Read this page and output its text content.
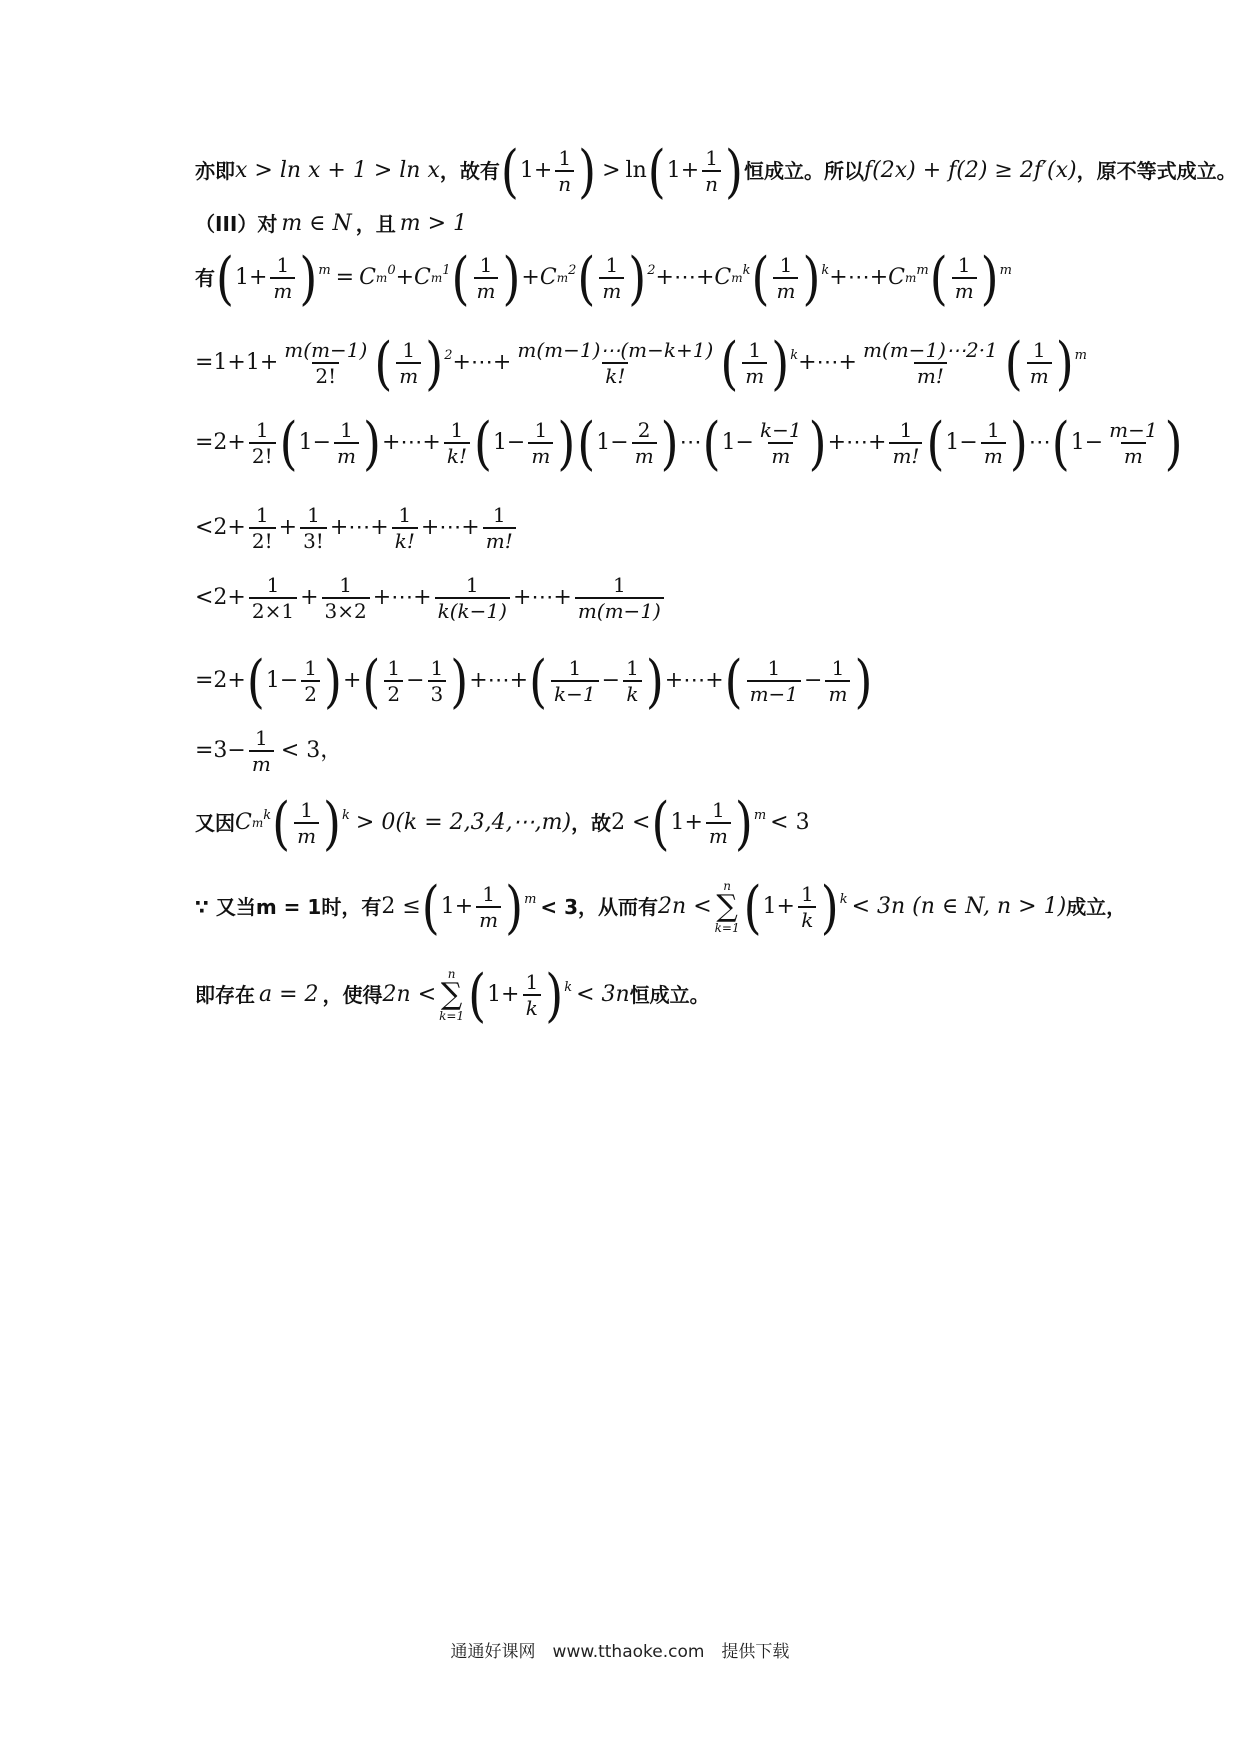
亦即 x > ln x + 1 > ln x ，故有 ( $1+ \frac{1}{n}$ ) > ln ( $1+ \frac{1}{n}$ ) 恒成立。所以 f(2x) + f(2) ≥ 2f′(x) ，原不等式成立。
（III）对 m ∈ N ，且 m > 1
有 ( $1+ \frac{1}{m} )^m = C$ m
$^0$ + C m
$^1$ ( $\frac{1}{m}$ ) + C m
$^2$ ( $\frac{1}{m} )^2$ +⋯+ C m
$^k$ ( $\frac{1}{m} )^k$ +⋯+ C m
$^m$ ( $\frac{1}{m} )^m$
$=1+1+ \frac{m(m-1)}{2!}$ ( $\frac{1}{m} )^2$ +⋯+ $\frac{m(m-1)\cdots(m-k+1)}{k!}$ ( $\frac{1}{m} )^k$ +⋯+ $\frac{m(m-1)\cdots 2\cdot 1}{m!}$ ( $\frac{1}{m} )^m$
$=2+ \frac{1}{2!}$ ( $1- \frac{1}{m}$ ) +⋯+ $\frac{1}{k!}$ ( $1- \frac{1}{m}$ ) ( $1- \frac{2}{m}$ ) ⋯ ( $1- \frac{k-1}{m}$ ) +⋯+ $\frac{1}{m!}$ ( $1- \frac{1}{m}$ ) ⋯ ( $1- \frac{m-1}{m}$ )
$<2+ \frac{1}{2!} + \frac{1}{3!}$ +⋯+ $\frac{1}{k!}$ +⋯+ $\frac{1}{m!}$
$<2+ \frac{1}{2\times 1} + \frac{1}{3\times 2}$ +⋯+ $\frac{1}{k(k-1)}$ +⋯+ $\frac{1}{m(m-1)}$
=2+ ( $1- \frac{1}{2}$ ) + ( $\frac{1}{2} - \frac{1}{3}$ ) +⋯+ ( $\frac{1}{k-1} - \frac{1}{k}$ ) +⋯+ ( $\frac{1}{m-1} - \frac{1}{m}$ )
$=3- \frac{1}{m} < 3$，
又因 C m
$^k$ ( $\frac{1}{m} )^k > 0(k$ = 2,3,4,⋯,m) ，故 2 < ( $1+ \frac{1}{m} )^m < 3$
∵ 又当m = 1时，有 2 ≤ ( $1+ \frac{1}{m} )^m < 3$，从而有 2n <
n
∑
k=1 ( $1+ \frac{1}{k} )^k < 3n$ (n ∈ N, n > 1) 成立，
即存在 a = 2 ，使得 2n <
n
∑
k=1 ( $1+ \frac{1}{k} )^k < 3n$ 恒成立。
通通好课网　www.tthaoke.com　提供下载
